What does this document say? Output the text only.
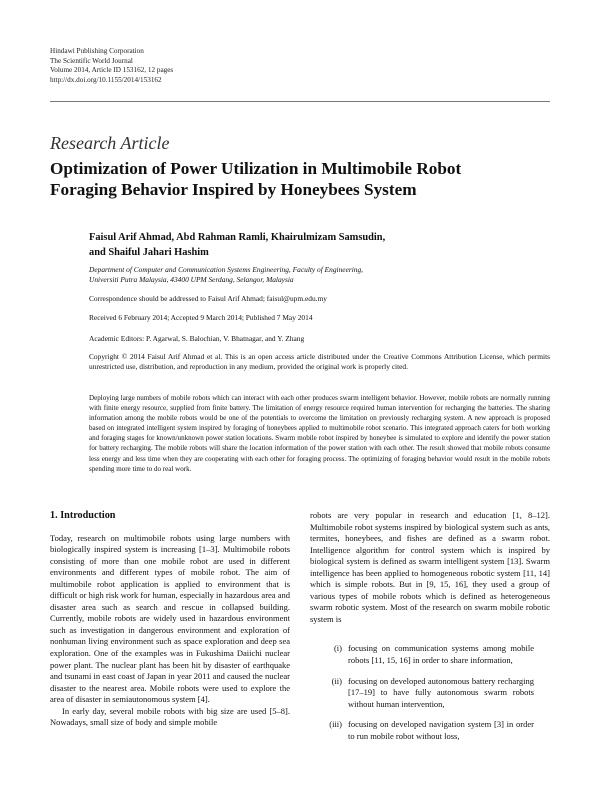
Hindawi Publishing Corporation
The Scientific World Journal
Volume 2014, Article ID 153162, 12 pages
http://dx.doi.org/10.1155/2014/153162
Research Article
Optimization of Power Utilization in Multimobile Robot
Foraging Behavior Inspired by Honeybees System
Faisul Arif Ahmad, Abd Rahman Ramli, Khairulmizam Samsudin,
and Shaiful Jahari Hashim
Department of Computer and Communication Systems Engineering, Faculty of Engineering,
Universiti Putra Malaysia, 43400 UPM Serdang, Selangor, Malaysia
Correspondence should be addressed to Faisul Arif Ahmad; faisul@upm.edu.my
Received 6 February 2014; Accepted 9 March 2014; Published 7 May 2014
Academic Editors: P. Agarwal, S. Balochian, V. Bhatnagar, and Y. Zhang
Copyright © 2014 Faisul Arif Ahmad et al. This is an open access article distributed under the Creative Commons Attribution License, which permits unrestricted use, distribution, and reproduction in any medium, provided the original work is properly cited.
Deploying large numbers of mobile robots which can interact with each other produces swarm intelligent behavior. However, mobile robots are normally running with finite energy resource, supplied from finite battery. The limitation of energy resource required human intervention for recharging the batteries. The sharing information among the mobile robots would be one of the potentials to overcome the limitation on previously recharging system. A new approach is proposed based on integrated intelligent system inspired by foraging of honeybees applied to multimobile robot scenario. This integrated approach caters for both working and foraging stages for known/unknown power station locations. Swarm mobile robot inspired by honeybee is simulated to explore and identify the power station for battery recharging. The mobile robots will share the location information of the power station with each other. The result showed that mobile robots consume less energy and less time when they are cooperating with each other for foraging process. The optimizing of foraging behavior would result in the mobile robots spending more time to do real work.
1. Introduction

Today, research on multimobile robots using large numbers with biologically inspired system is increasing [1–3]. Multimobile robots consisting of more than one mobile robot are used in different environments and different types of mobile robot. The aim of multimobile robot application is applied to environment that is difficult or high risk work for human, especially in hazardous area and disaster area such as search and rescue in collapsed building. Currently, mobile robots are widely used in hazardous environment such as investigation in dangerous environment and exploration of nonhuman living environment such as space exploration and deep sea exploration. One of the examples was in Fukushima Daiichi nuclear power plant. The nuclear plant has been hit by disaster of earthquake and tsunami in east coast of Japan in year 2011 and caused the nuclear disaster to the nearest area. Mobile robots were used to explore the area of disaster in semiautonomous system [4].

In early day, several mobile robots with big size are used [5–8]. Nowadays, small size of body and simple mobile

robots are very popular in research and education [1, 8–12]. Multimobile robot systems inspired by biological system such as ants, termites, honeybees, and fishes are defined as a swarm robot. Intelligence algorithm for control system which is inspired by biological system is defined as swarm intelligent system [13]. Swarm intelligence has been applied to homogeneous robotic system [11, 14] which is simple robots. But in [9, 15, 16], they used a group of various types of mobile robots which is defined as heterogeneous swarm robotic system. Most of the research on swarm mobile robotic system is

(i) focusing on communication systems among mobile robots [11, 15, 16] in order to share information,
(ii) focusing on developed autonomous battery recharging [17–19] to have fully autonomous swarm robots without human intervention,
(iii) focusing on developed navigation system [3] in order to run mobile robot without loss,
